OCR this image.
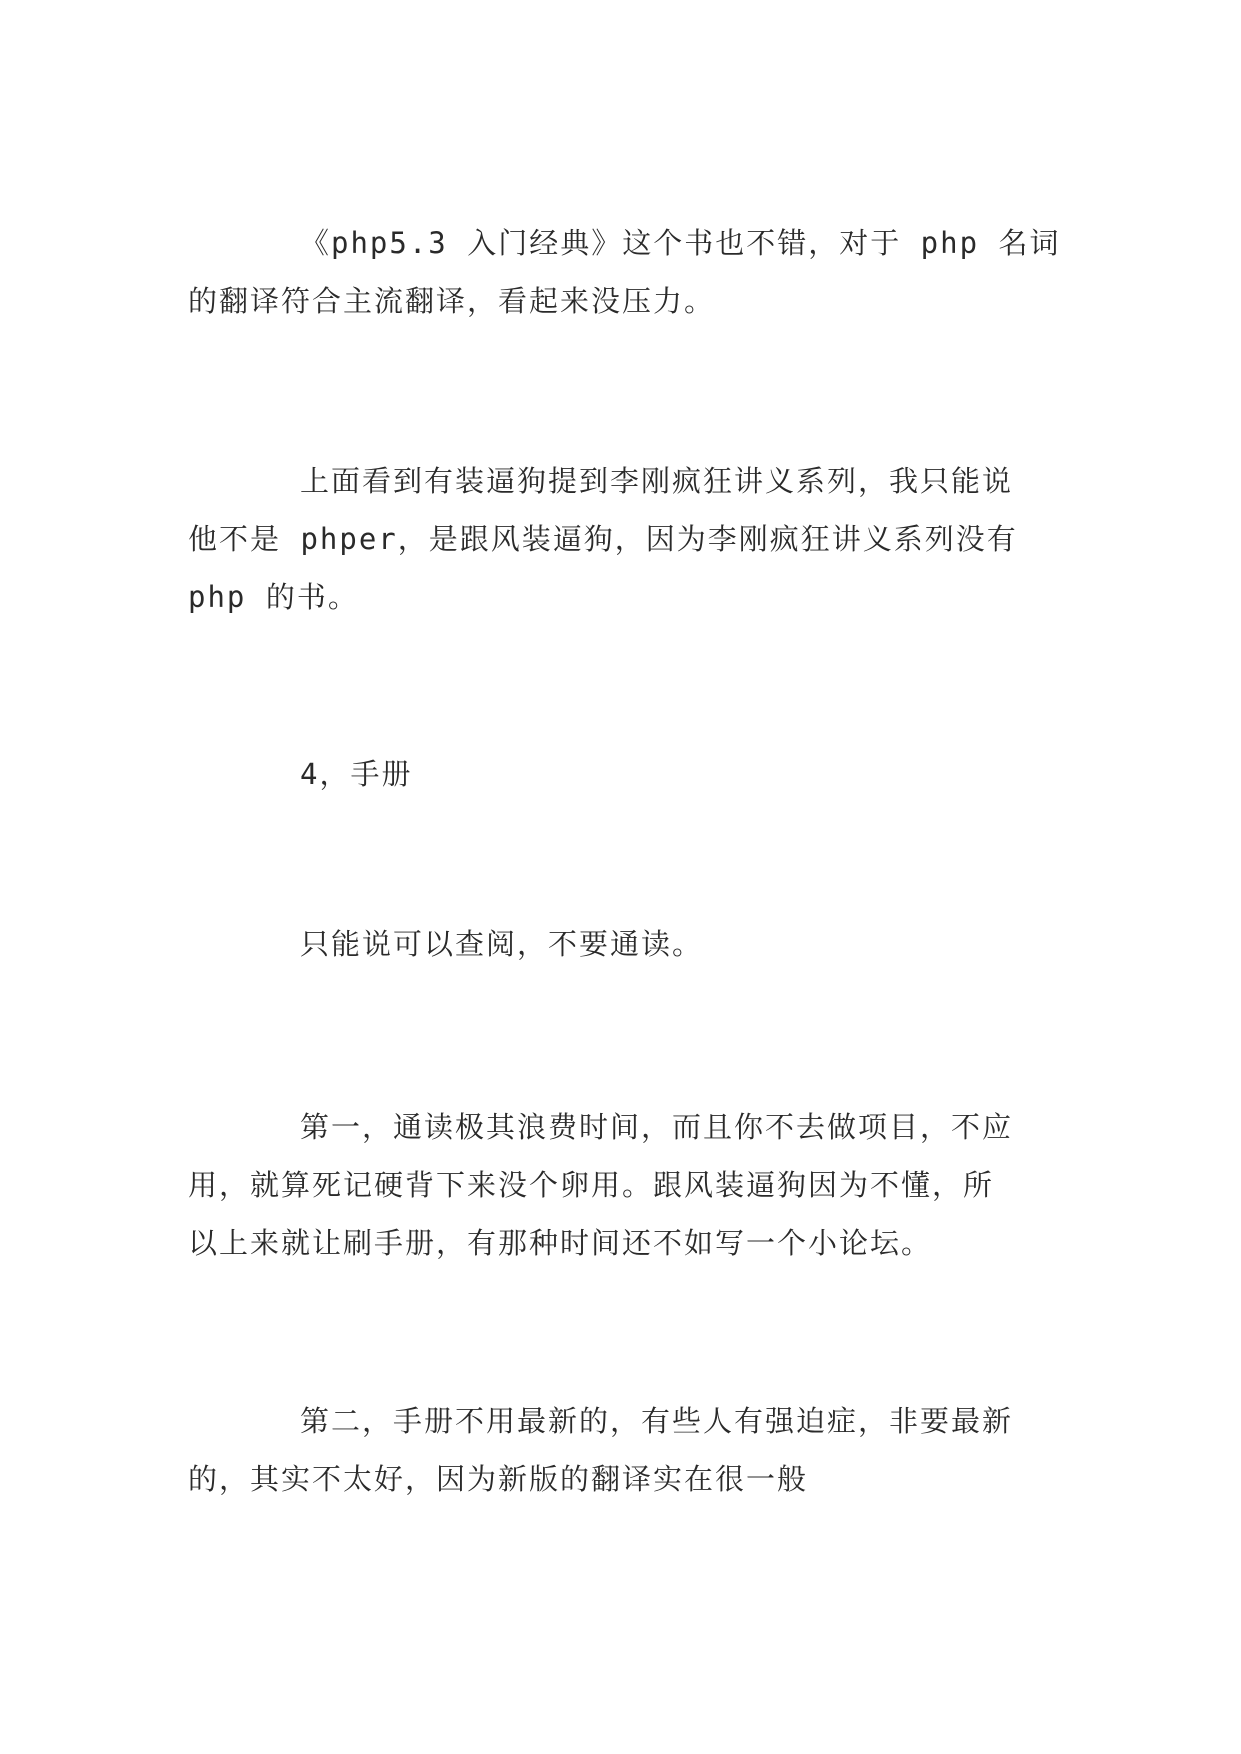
《php5.3 入门经典》这个书也不错，对于 php 名词
的翻译符合主流翻译，看起来没压力。

上面看到有装逼狗提到李刚疯狂讲义系列，我只能说
他不是 phper，是跟风装逼狗，因为李刚疯狂讲义系列没有
php 的书。

4，手册

只能说可以查阅，不要通读。

第一，通读极其浪费时间，而且你不去做项目，不应
用，就算死记硬背下来没个卵用。跟风装逼狗因为不懂，所
以上来就让刷手册，有那种时间还不如写一个小论坛。

第二，手册不用最新的，有些人有强迫症，非要最新
的，其实不太好，因为新版的翻译实在很一般
